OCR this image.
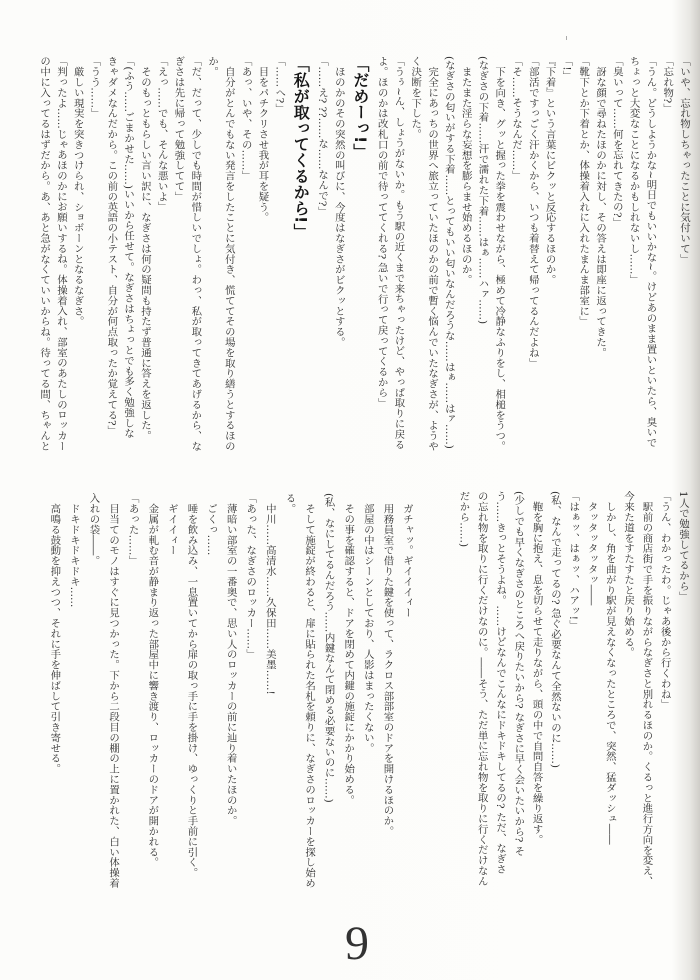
「いや、忘れ物しちゃったことに気付いて」
「忘れ物?」
「うん。どうしようかな~明日でもいいかな~。けどあのまま置いといたら、臭いで
ちょっと大変なことになるかもしれないし……」
「臭いって……何を忘れてきたの?」
　訝な顔で尋ねたほのかに対し、その答えは即座に返ってきた。
「靴下とか下着とか、体操着入れに入れたまんま部室に」
「!」
『下着』という言葉にビクッと反応するほのか。
「部活ですっごく汗かくから、いつも着替えて帰ってるんだよね」
「そ……そうなんだ……」
　下を向き、グッと握った拳を震わせながら、極めて冷静なふりをし、相槌をうつ。
(なぎさの下着……汗で濡れた下着……はぁ……ハァ……)
　またまた淫らな妄想を膨らませ始めるほのか。
(なぎさの匂いがする下着……とってもいい匂いなんだろうな……はぁ……はァ……)
　完全にあっちの世界へ旅立っていたほのかの前で暫く悩んでいたなぎさが、ようや
く決断を下した。
「うぅ~ん、しょうがないか。もう駅の近くまで来ちゃったけど、やっぱ取りに戻る
よ。ほのかは改札口の前で待っててくれる? 急いで行って戻ってくるから」
「だめーっ!」
　ほのかのその突然の叫びに、今度はなぎさがビクッとする。
「……え? ??……な……なんで?」
「私が取ってくるから!」
「……へ?」
　目をパチクリさせ我が耳を疑う。
「あっ、いや、その……」
　自分がとんでもない発言をしたことに気付き、慌ててその場を取り繕うとするほの
か。
「だ、だって、少しでも時間が惜しいでしょ。わっ、私が取ってきてあげるから、な
ぎさは先に帰って勉強してて」
「えっ……でも、そんな悪いよ」
　そのもっともらしい言い訳に、なぎさは何の疑問も持たず普通に答えを返した。
「(ふう……ごまかせた……)いいから任せて。なぎさはちょっとでも多く勉強しな
きゃダメなんだから。この前の英語の小テスト、自分が何点取ったか覚えてる?」
「うう……」
　厳しい現実を突きつけられ、ショボーンとなるなぎさ。
「判ったよ……じゃあほのかにお願いするね。体操着入れ、部室のあたしのロッカー
の中に入ってるはずだから。あ、あと急がなくていいからね。待ってる間、ちゃんと
1人で勉強してるから」
「うん、わかったわ。じゃあ後から行くわね」
　駅前の商店街で手を振りながらなぎさと別れるほのか。くるっと進行方向を変え、
今来た道をすたすたと戻り始める。
　しかし、角を曲がり駅が見えなくなったところで、突然、猛ダッシュ――
　タッタッタッタッ――
「はぁッ、はぁッ、ハアッ!」
(私、なんで走ってるの? 急ぐ必要なんて全然ないのに……)
　鞄を胸に抱え、息を切らせて走りながら、頭の中で自問自答を繰り返す。
(少しでも早くなぎさのところへ戻りたいから? なぎさに早く会いたいから? そ
う……きっとそうよね。……けどなんでこんなにドキドキしてるの? ただ、なぎさ
の忘れ物を取りに行くだけなのに。――そう、ただ単に忘れ物を取りに行くだけなん
だから……)
　ガチャッ。ギイイイィー
　用務員室で借りた鍵を使って、ラクロス部部室のドアを開けるほのか。
　部屋の中はシーンとしており、人影はまったくない。
　その事を確認すると、ドアを閉めて内鍵の施錠にかかり始める。
(私、なにしてるんだろう……内鍵なんて閉める必要ないのに……)
　そして施錠が終わると、扉に貼られた名札を頼りに、なぎさのロッカーを探し始め
る。
　中川……高清水……久保田……美墨……!
「あった、なぎさのロッカー……」
　薄暗い部室の一番奥で、思い人のロッカーの前に辿り着いたほのか。
　ごくっ……
　唾を飲み込み、一息置いてから扉の取っ手に手を掛け、ゆっくりと手前に引く。
　ギイイィー
　金属が軋む音が静まり返った部屋中に響き渡り、ロッカーのドアが開かれる。
「あった……」
　目当てのモノはすぐに見つかった。下から二段目の棚の上に置かれた、白い体操着
入れの袋――。
　ドキドキドキドキ……
　高鳴る鼓動を抑えつつ、それに手を伸ばして引き寄せる。
9
